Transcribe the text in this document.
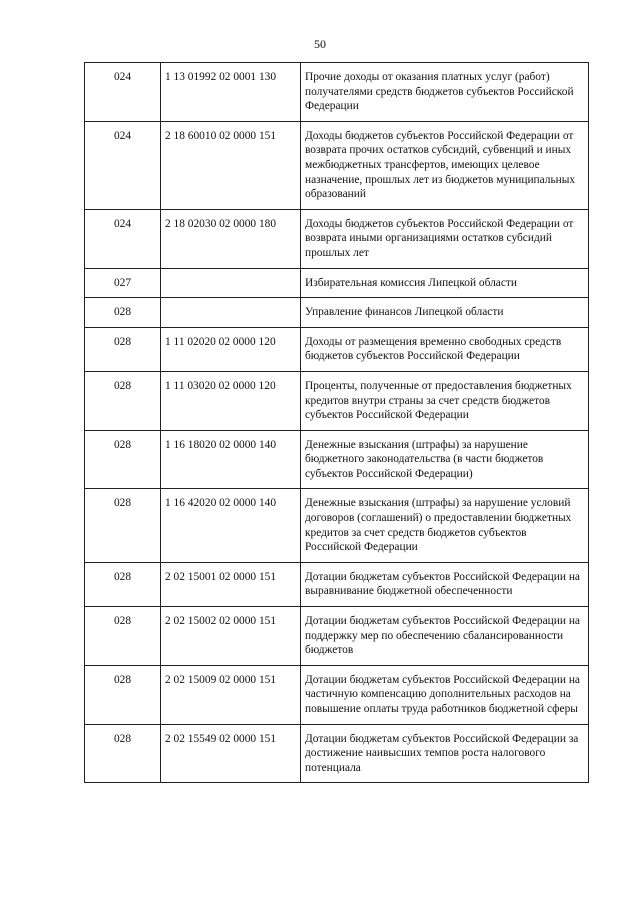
50
024	1 13 01992 02 0001 130	Прочие доходы от оказания платных услуг (работ) получателями средств бюджетов субъектов Российской Федерации
024	2 18 60010 02 0000 151	Доходы бюджетов субъектов Российской Федерации от возврата прочих остатков субсидий, субвенций и иных межбюджетных трансфертов, имеющих целевое назначение, прошлых лет из бюджетов муниципальных образований
024	2 18 02030 02 0000 180	Доходы бюджетов субъектов Российской Федерации от возврата иными организациями остатков субсидий прошлых лет
027		Избирательная комиссия Липецкой области
028		Управление финансов Липецкой области
028	1 11 02020 02 0000 120	Доходы от размещения временно свободных средств бюджетов субъектов Российской Федерации
028	1 11 03020 02 0000 120	Проценты, полученные от предоставления бюджетных кредитов внутри страны за счет средств бюджетов субъектов Российской Федерации
028	1 16 18020 02 0000 140	Денежные взыскания (штрафы) за нарушение бюджетного законодательства (в части бюджетов субъектов Российской Федерации)
028	1 16 42020 02 0000 140	Денежные взыскания (штрафы) за нарушение условий договоров (соглашений) о предоставлении бюджетных кредитов за счет средств бюджетов субъектов Российской Федерации
028	2 02 15001 02 0000 151	Дотации бюджетам субъектов Российской Федерации на выравнивание бюджетной обеспеченности
028	2 02 15002 02 0000 151	Дотации бюджетам субъектов Российской Федерации на поддержку мер по обеспечению сбалансированности бюджетов
028	2 02 15009 02 0000 151	Дотации бюджетам субъектов Российской Федерации на частичную компенсацию дополнительных расходов на повышение оплаты труда работников бюджетной сферы
028	2 02 15549 02 0000 151	Дотации бюджетам субъектов Российской Федерации за достижение наивысших темпов роста налогового потенциала
